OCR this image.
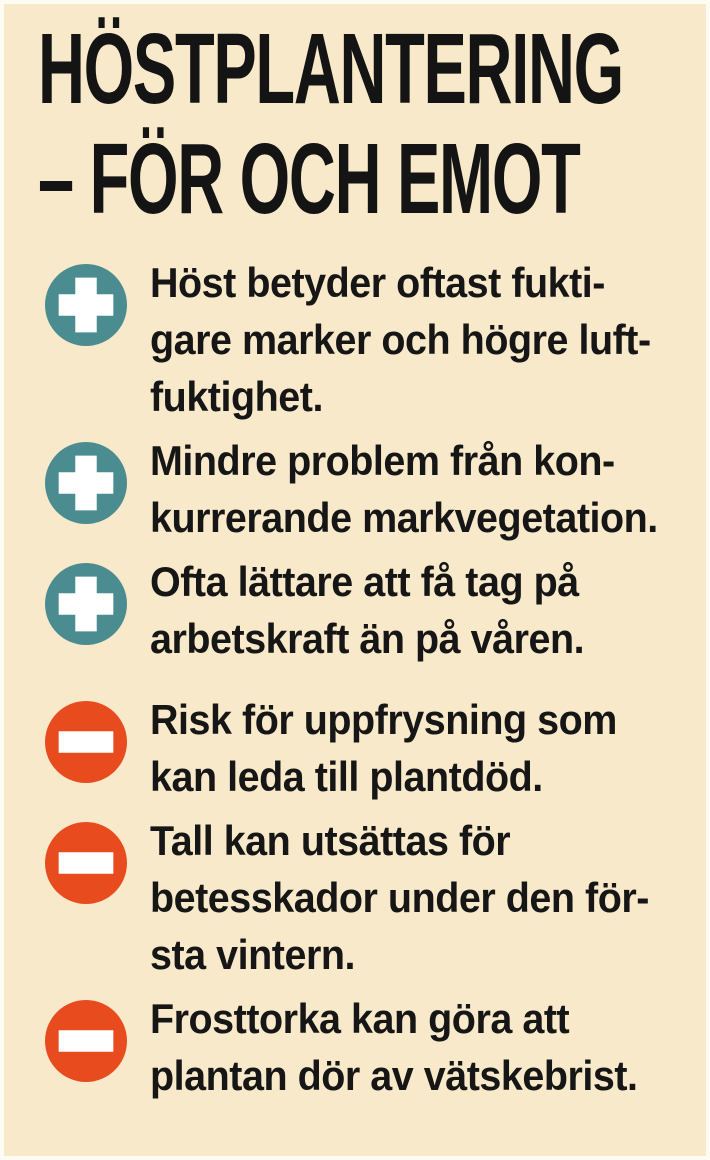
HÖSTPLANTERING
– FÖR OCH EMOT
Höst betyder oftast fukti-
gare marker och högre luft-
fuktighet.
Mindre problem från kon-
kurrerande markvegetation.
Ofta lättare att få tag på
arbetskraft än på våren.
Risk för uppfrysning som
kan leda till plantdöd.
Tall kan utsättas för
betesskador under den för-
sta vintern.
Frosttorka kan göra att
plantan dör av vätskebrist.
